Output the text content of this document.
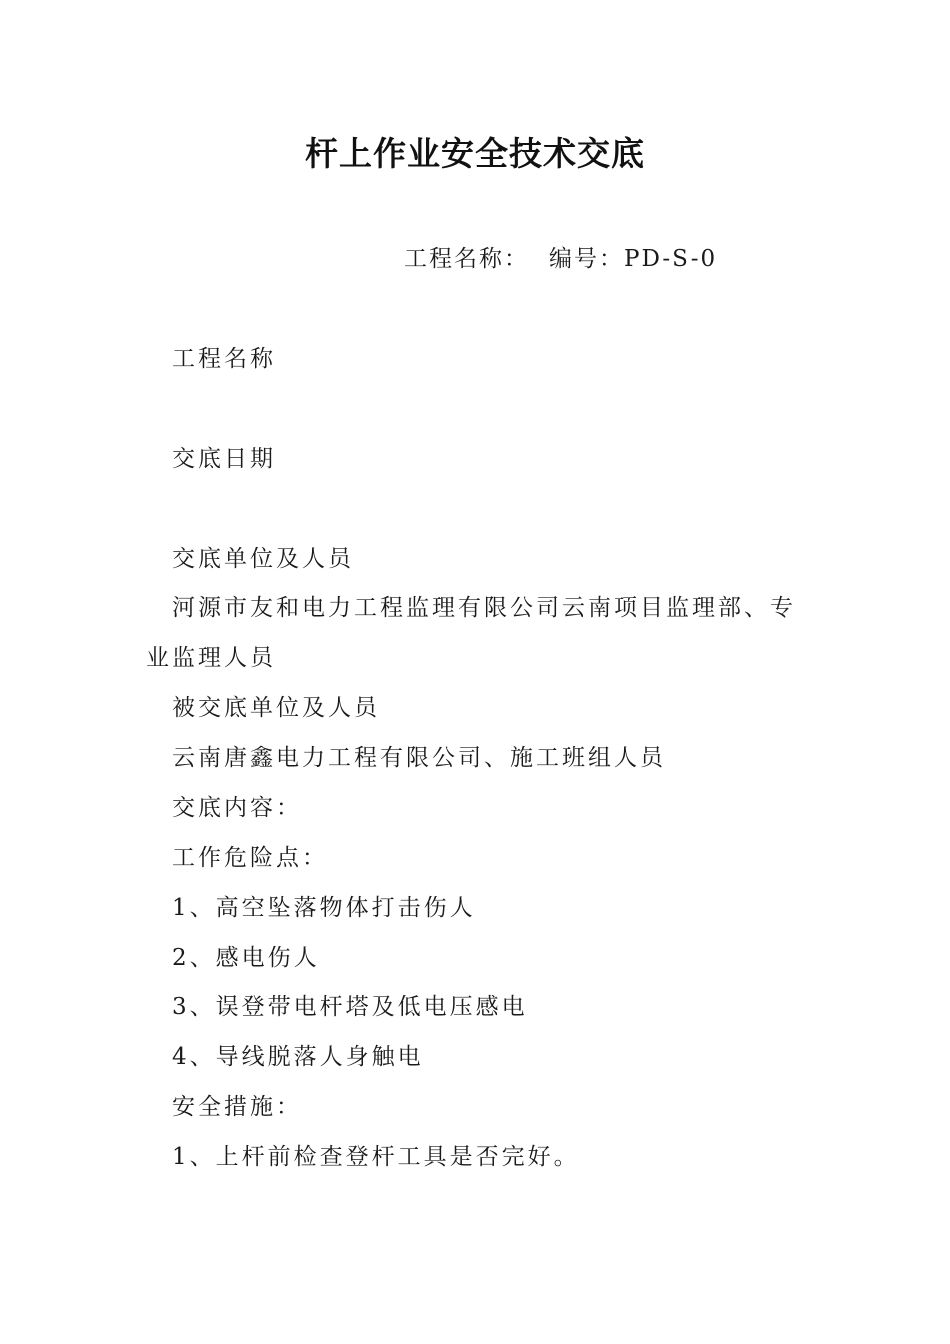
杆上作业安全技术交底
工程名称： 编号：PD-S-0
工程名称
交底日期
交底单位及人员
河源市友和电力工程监理有限公司云南项目监理部、专
业监理人员
被交底单位及人员
云南唐鑫电力工程有限公司、施工班组人员
交底内容：
工作危险点：
1、高空坠落物体打击伤人
2、感电伤人
3、误登带电杆塔及低电压感电
4、导线脱落人身触电
安全措施：
1、上杆前检查登杆工具是否完好。
